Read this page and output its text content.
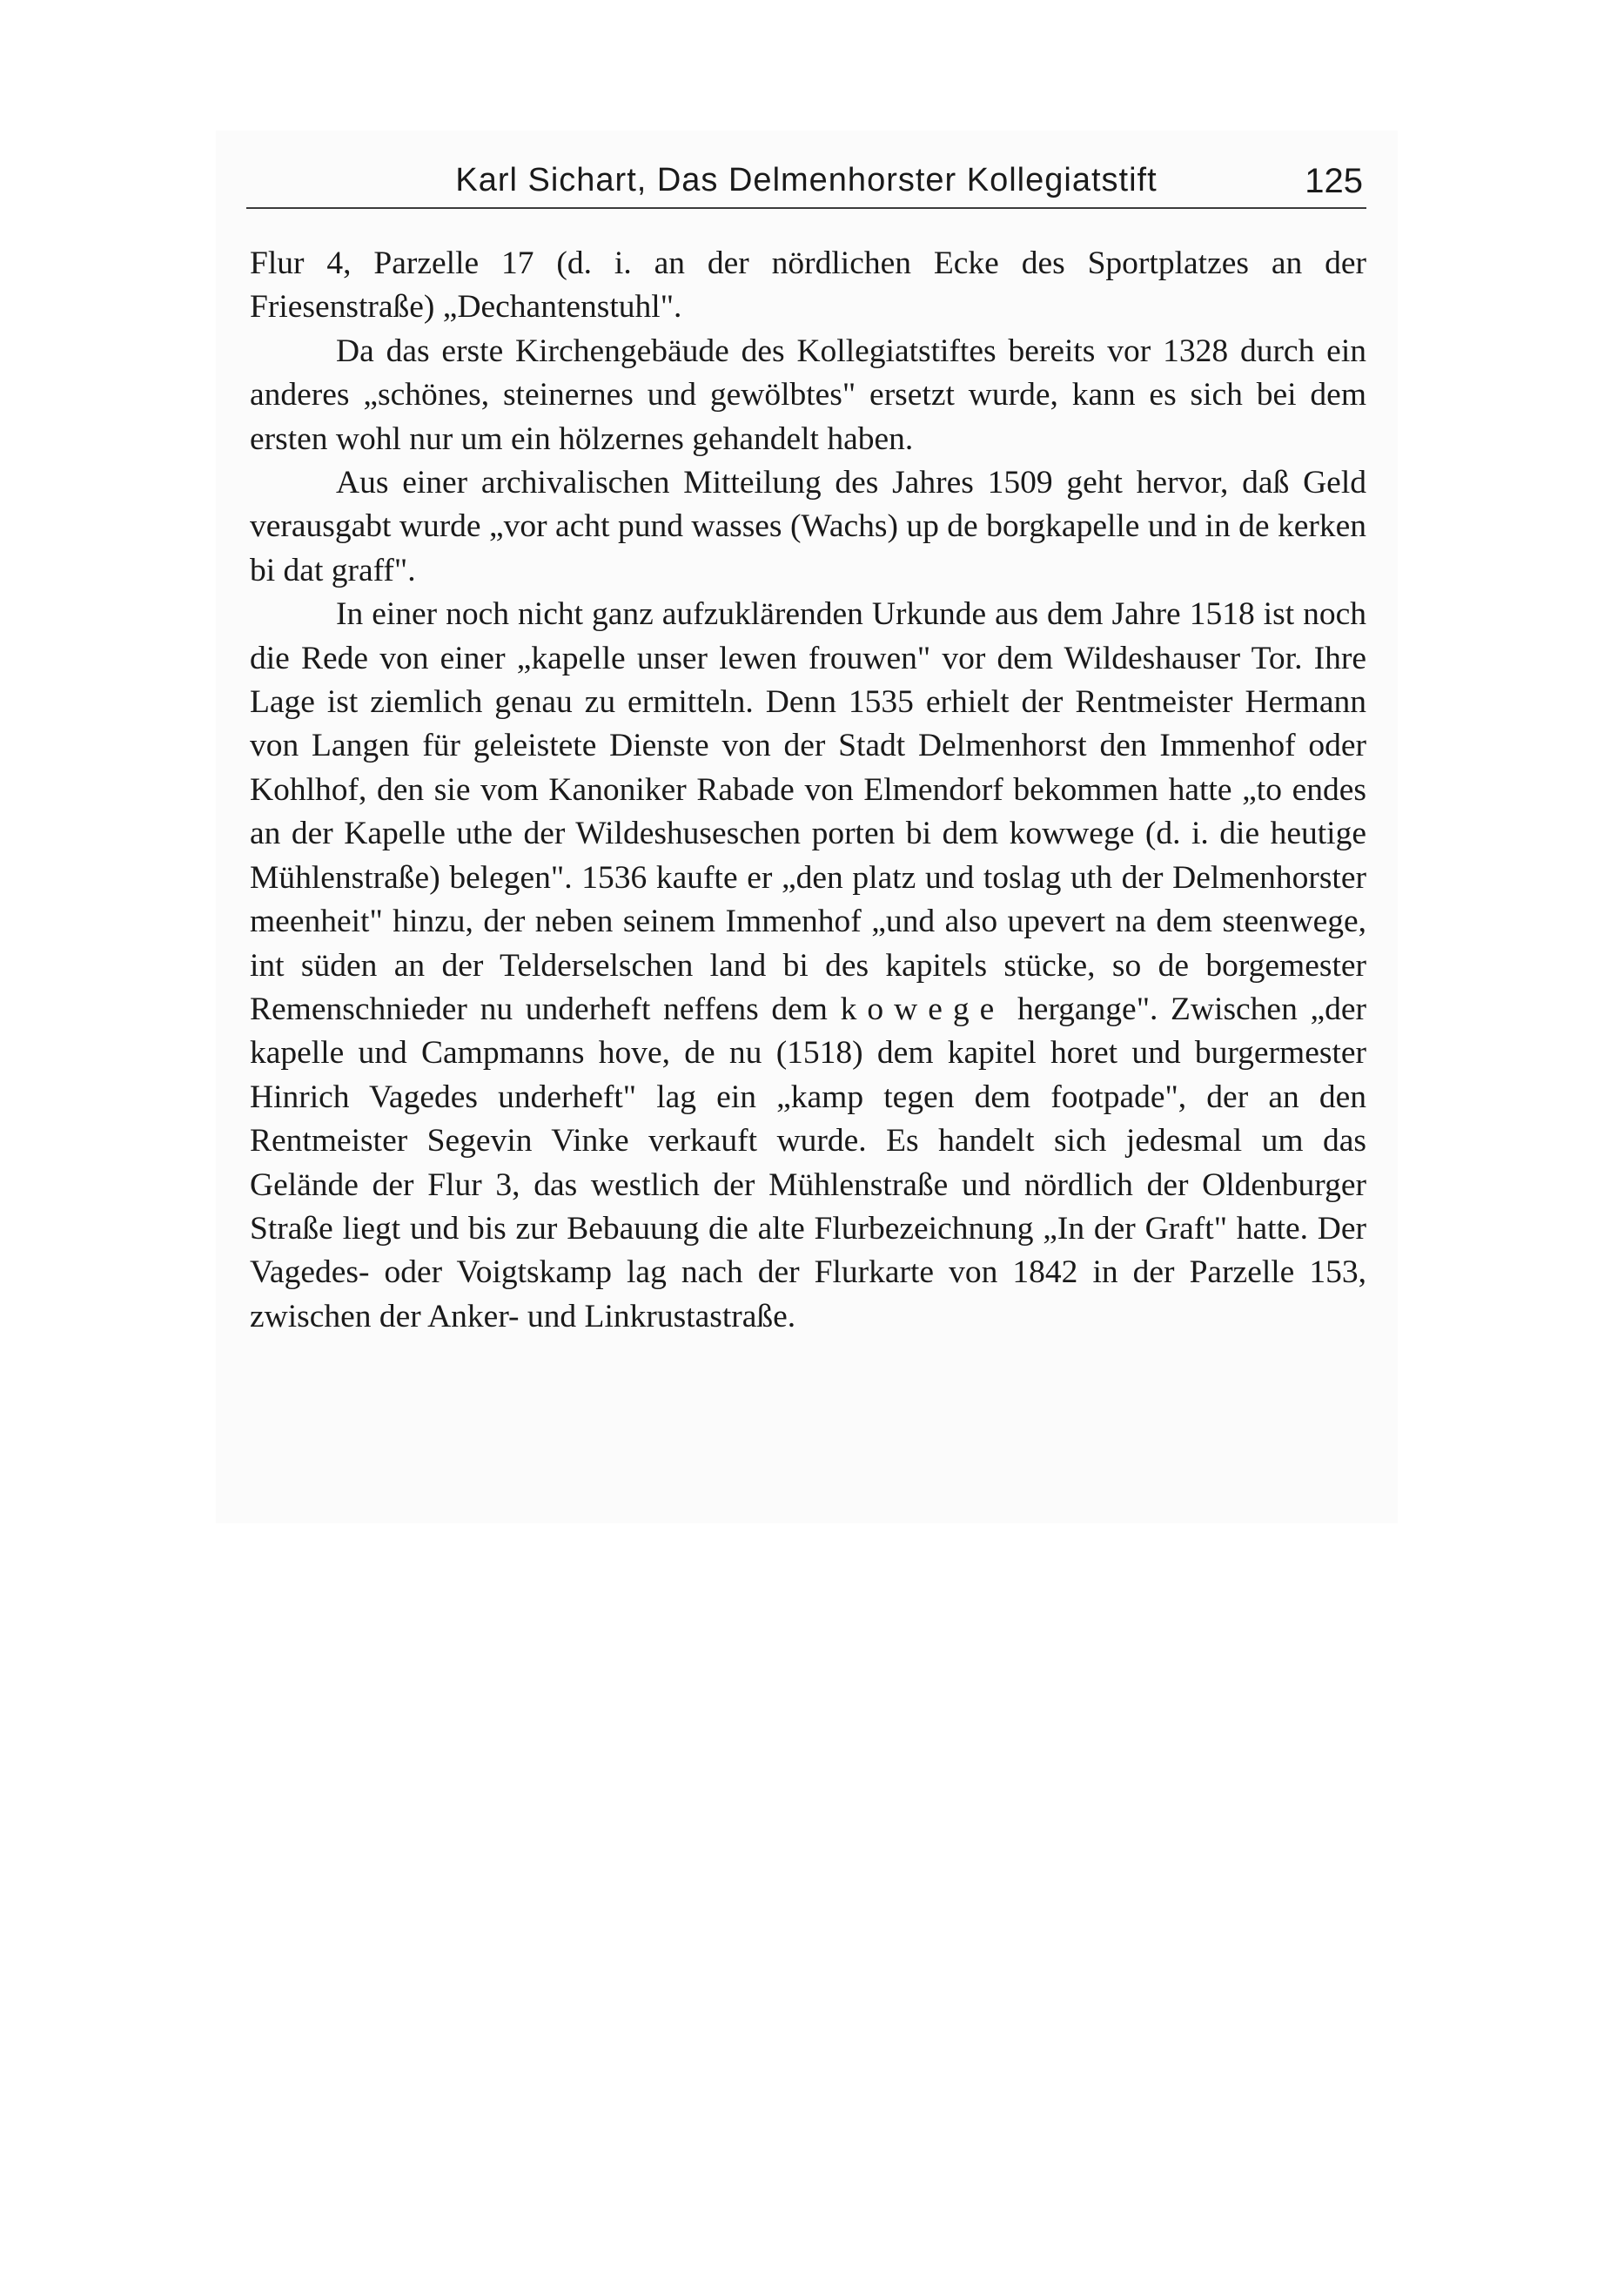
Karl Sichart, Das Delmenhorster Kollegiatstift	125

Flur 4, Parzelle 17 (d. i. an der nördlichen Ecke des Sportplatzes an der Friesenstraße) „Dechantenstuhl".

Da das erste Kirchengebäude des Kollegiatstiftes bereits vor 1328 durch ein anderes „schönes, steinernes und gewölbtes" ersetzt wurde, kann es sich bei dem ersten wohl nur um ein hölzernes gehandelt haben.

Aus einer archivalischen Mitteilung des Jahres 1509 geht hervor, daß Geld verausgabt wurde „vor acht pund wasses (Wachs) up de borgkapelle und in de kerken bi dat graff".

In einer noch nicht ganz aufzuklärenden Urkunde aus dem Jahre 1518 ist noch die Rede von einer „kapelle unser lewen frouwen" vor dem Wildeshauser Tor. Ihre Lage ist ziemlich genau zu ermitteln. Denn 1535 erhielt der Rentmeister Hermann von Langen für geleistete Dienste von der Stadt Delmenhorst den Immenhof oder Kohlhof, den sie vom Kanoniker Rabade von Elmendorf bekommen hatte „to endes an der Kapelle uthe der Wildeshuseschen porten bi dem kowwege (d. i. die heutige Mühlenstraße) belegen". 1536 kaufte er „den platz und toslag uth der Delmenhorster meenheit" hinzu, der neben seinem Immenhof „und also upevert na dem steenwege, int süden an der Telderselschen land bi des kapitels stücke, so de borgemester Remenschnieder nu underheft neffens dem kowege hergange". Zwischen „der kapelle und Campmanns hove, de nu (1518) dem kapitel horet und burgermester Hinrich Vagedes underheft" lag ein „kamp tegen dem footpade", der an den Rentmeister Segevin Vinke verkauft wurde. Es handelt sich jedesmal um das Gelände der Flur 3, das westlich der Mühlenstraße und nördlich der Oldenburger Straße liegt und bis zur Bebauung die alte Flurbezeichnung „In der Graft" hatte. Der Vagedes- oder Voigtskamp lag nach der Flurkarte von 1842 in der Parzelle 153, zwischen der Anker- und Linkrustastraße.
